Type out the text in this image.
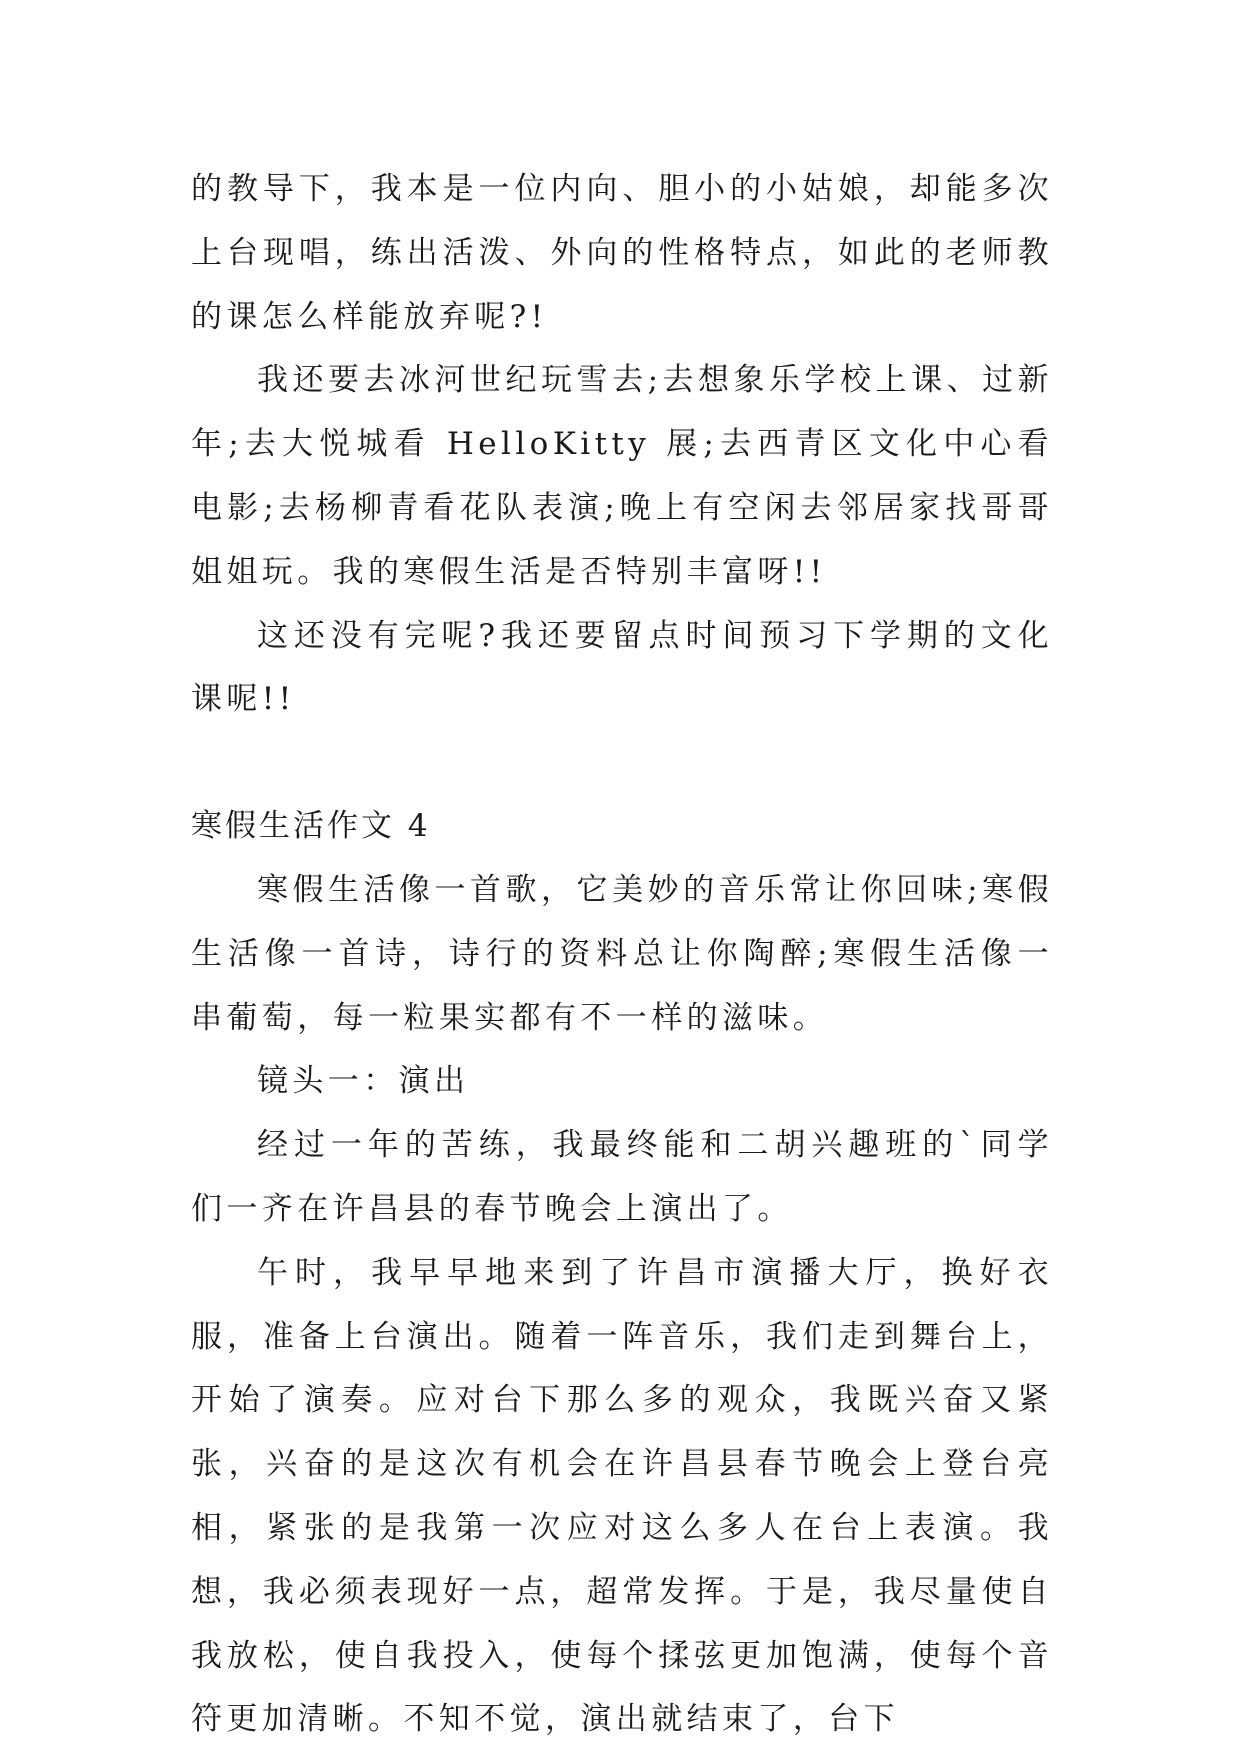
的教导下，我本是一位内向、胆小的小姑娘，却能多次上台现唱，练出活泼、外向的性格特点，如此的老师教的课怎么样能放弃呢?!

我还要去冰河世纪玩雪去;去想象乐学校上课、过新年;去大悦城看 HelloKitty 展;去西青区文化中心看电影;去杨柳青看花队表演;晚上有空闲去邻居家找哥哥姐姐玩。我的寒假生活是否特别丰富呀!!

这还没有完呢?我还要留点时间预习下学期的文化课呢!!

寒假生活作文 4

寒假生活像一首歌，它美妙的音乐常让你回味;寒假生活像一首诗，诗行的资料总让你陶醉;寒假生活像一串葡萄，每一粒果实都有不一样的滋味。

镜头一：演出

经过一年的苦练，我最终能和二胡兴趣班的`同学们一齐在许昌县的春节晚会上演出了。

午时，我早早地来到了许昌市演播大厅，换好衣服，准备上台演出。随着一阵音乐，我们走到舞台上，开始了演奏。应对台下那么多的观众，我既兴奋又紧张，兴奋的是这次有机会在许昌县春节晚会上登台亮相，紧张的是我第一次应对这么多人在台上表演。我想，我必须表现好一点，超常发挥。于是，我尽量使自我放松，使自我投入，使每个揉弦更加饱满，使每个音符更加清晰。不知不觉，演出就结束了，台下
